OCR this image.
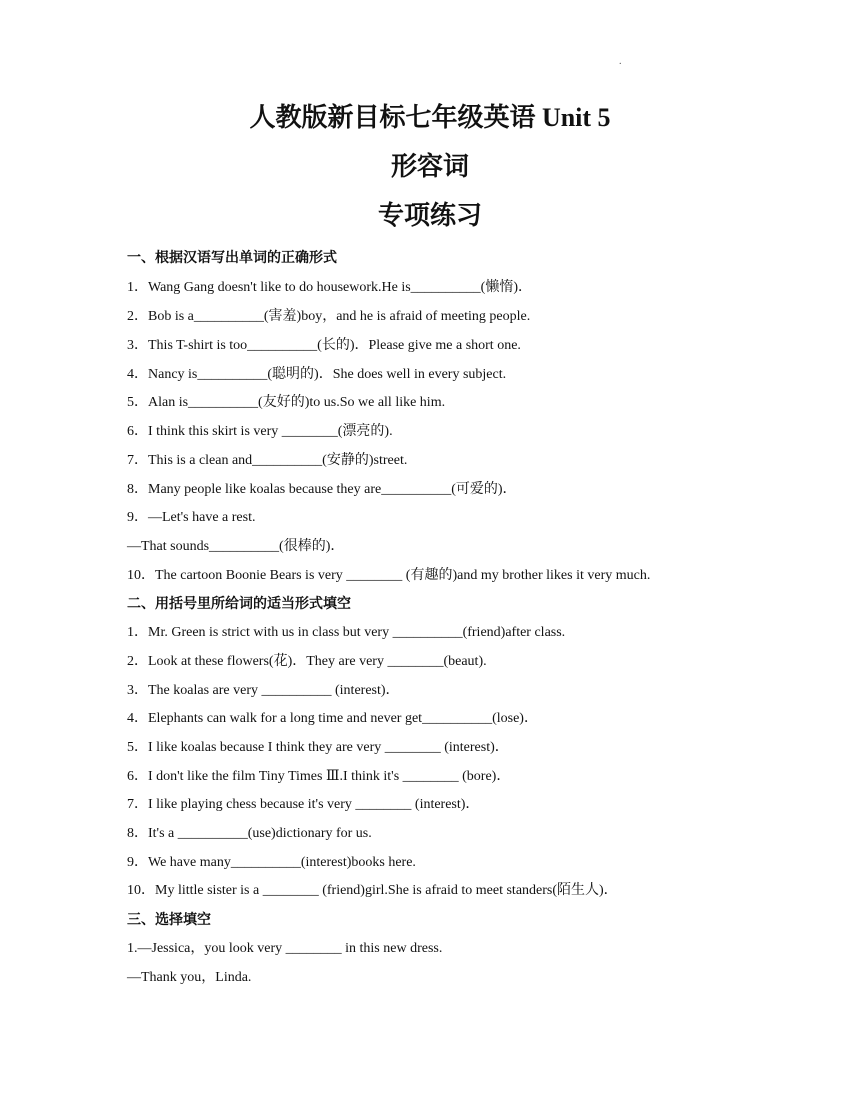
.
人教版新目标七年级英语 Unit 5
形容词
专项练习
一、根据汉语写出单词的正确形式
1．Wang Gang doesn't like to do housework.He is__________(懒惰)．
2．Bob is a__________(害羞)boy，and he is afraid of meeting people.
3．This T-shirt is too__________(长的)．Please give me a short one.
4．Nancy is__________(聪明的)．She does well in every subject.
5．Alan is__________(友好的)to us.So we all like him.
6．I think this skirt is very ________(漂亮的).
7．This is a clean and__________(安静的)street.
8．Many people like koalas because they are__________(可爱的)．
9．—Let's have a rest.
—That sounds__________(很棒的)．
10．The cartoon Boonie Bears is very ________ (有趣的)and my brother likes it very much.
二、用括号里所给词的适当形式填空
1．Mr. Green is strict with us in class but very __________(friend)after class.
2．Look at these flowers(花)．They are very ________(beaut).
3．The koalas are very __________ (interest)．
4．Elephants can walk for a long time and never get__________(lose)．
5．I like koalas because I think they are very ________ (interest)．
6．I don't like the film Tiny Times Ⅲ.I think it's ________ (bore)．
7．I like playing chess because it's very ________ (interest)．
8．It's a __________(use)dictionary for us.
9．We have many__________(interest)books here.
10．My little sister is a ________ (friend)girl.She is afraid to meet standers(陌生人)．
三、选择填空
1.—Jessica，you look very ________ in this new dress.
—Thank you，Linda.
